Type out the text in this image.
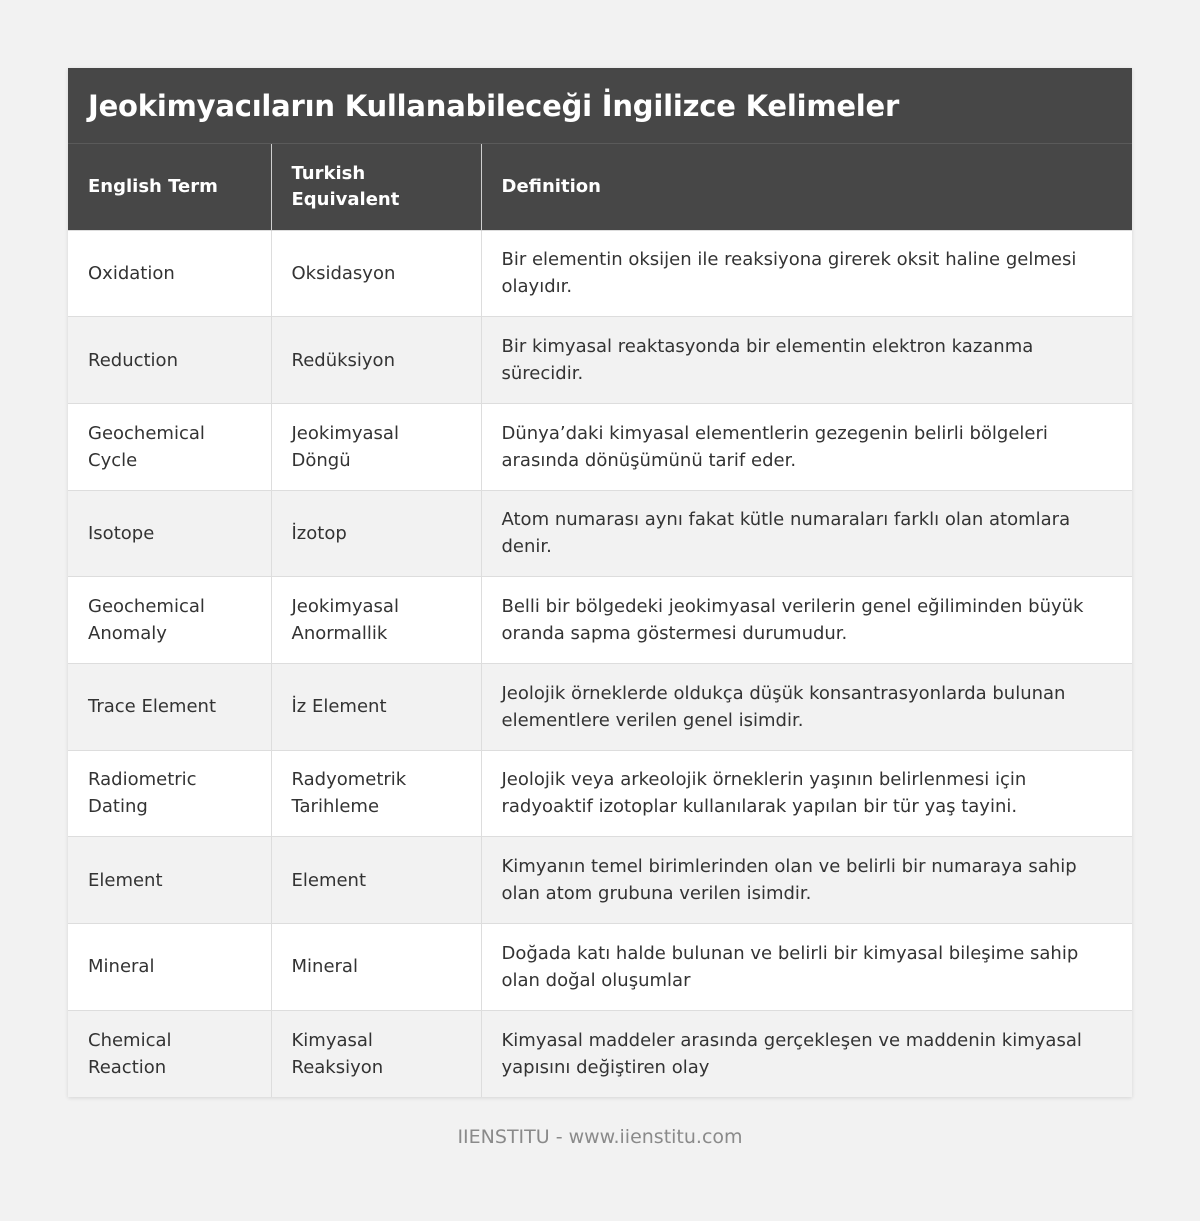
Jeokimyacıların Kullanabileceği İngilizce Kelimeler
English Term	Turkish Equivalent	Definition
Oxidation	Oksidasyon	Bir elementin oksijen ile reaksiyona girerek oksit haline gelmesi olayıdır.
Reduction	Redüksiyon	Bir kimyasal reaktasyonda bir elementin elektron kazanma sürecidir.
Geochemical Cycle	Jeokimyasal Döngü	Dünya’daki kimyasal elementlerin gezegenin belirli bölgeleri arasında dönüşümünü tarif eder.
Isotope	İzotop	Atom numarası aynı fakat kütle numaraları farklı olan atomlara denir.
Geochemical Anomaly	Jeokimyasal Anormallik	Belli bir bölgedeki jeokimyasal verilerin genel eğiliminden büyük oranda sapma göstermesi durumudur.
Trace Element	İz Element	Jeolojik örneklerde oldukça düşük konsantrasyonlarda bulunan elementlere verilen genel isimdir.
Radiometric Dating	Radyometrik Tarihleme	Jeolojik veya arkeolojik örneklerin yaşının belirlenmesi için radyoaktif izotoplar kullanılarak yapılan bir tür yaş tayini.
Element	Element	Kimyanın temel birimlerinden olan ve belirli bir numaraya sahip olan atom grubuna verilen isimdir.
Mineral	Mineral	Doğada katı halde bulunan ve belirli bir kimyasal bileşime sahip olan doğal oluşumlar
Chemical Reaction	Kimyasal Reaksiyon	Kimyasal maddeler arasında gerçekleşen ve maddenin kimyasal yapısını değiştiren olay
IIENSTITU - www.iienstitu.com
